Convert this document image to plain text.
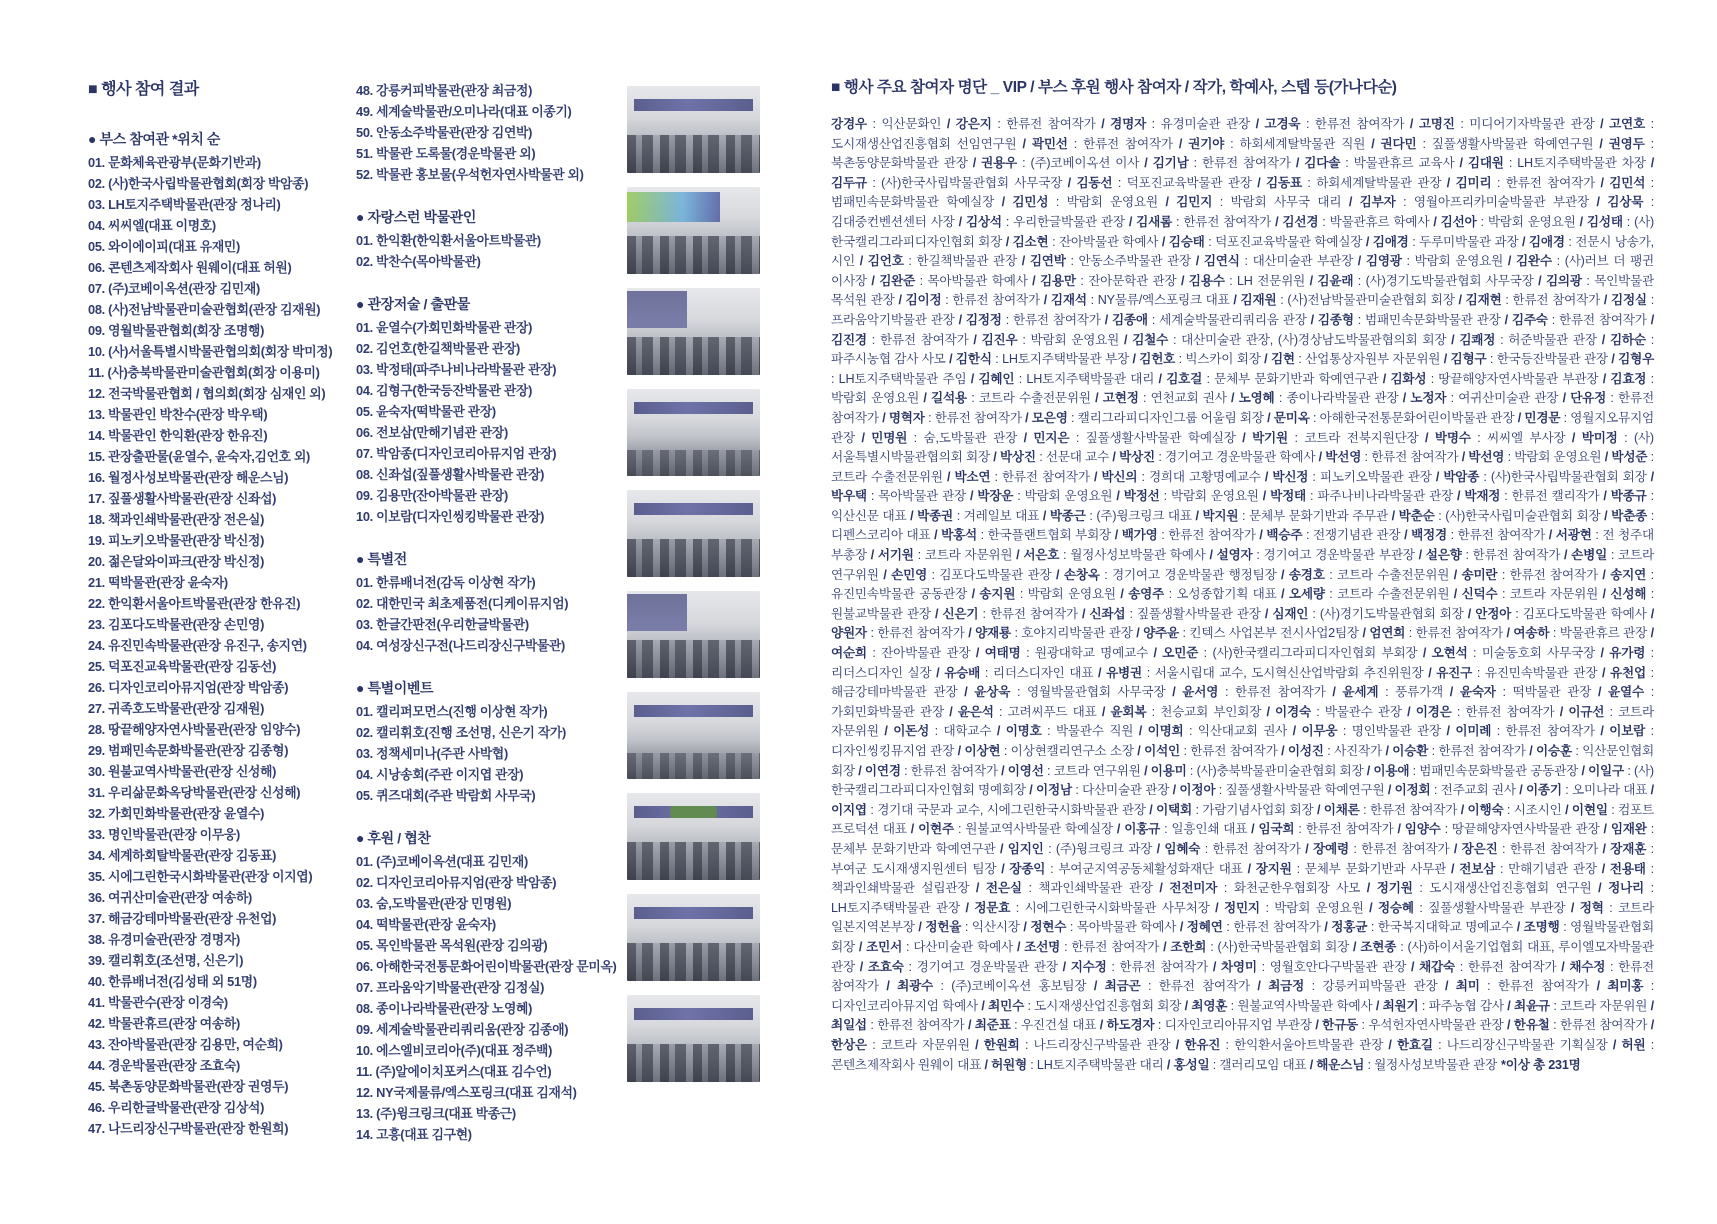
■ 행사 참여 결과
● 부스 참여관 *위치 순
01. 문화체육관광부(문화기반과)
02. (사)한국사립박물관협회(회장 박암종)
03. LH토지주택박물관(관장 정나리)
04. 씨씨엘(대표 이명호)
05. 와이에이피(대표 유재민)
06. 콘텐츠제작회사 원웨이(대표 허원)
07. (주)코베이옥션(관장 김민재)
08. (사)전남박물관미술관협회(관장 김재원)
09. 영월박물관협회(회장 조명행)
10. (사)서울특별시박물관협의회(회장 박미정)
11. (사)충북박물관미술관협회(회장 이용미)
12. 전국박물관협회 / 협의회(회장 심재인 외)
13. 박물관인 박찬수(관장 박우택)
14. 박물관인 한익환(관장 한유진)
15. 관장출판물(윤열수, 윤숙자,김언호 외)
16. 월정사성보박물관(관장 해운스님)
17. 짚풀생활사박물관(관장 신좌섭)
18. 책과인쇄박물관(관장 전은실)
19. 피노키오박물관(관장 박신정)
20. 젊은달와이파크(관장 박신정)
21. 떡박물관(관장 윤숙자)
22. 한익환서울아트박물관(관장 한유진)
23. 김포다도박물관(관장 손민영)
24. 유진민속박물관(관장 유진구, 송지연)
25. 덕포진교육박물관(관장 김동선)
26. 디자인코리아뮤지엄(관장 박암종)
27. 귀족호도박물관(관장 김재원)
28. 땅끝해양자연사박물관(관장 임양수)
29. 범패민속문화박물관(관장 김종형)
30. 원불교역사박물관(관장 신성해)
31. 우리삶문화옥당박물관(관장 신성해)
32. 가회민화박물관(관장 윤열수)
33. 명인박물관(관장 이무웅)
34. 세계하회탈박물관(관장 김동표)
35. 시에그린한국시화박물관(관장 이지엽)
36. 여귀산미술관(관장 여송하)
37. 해금강테마박물관(관장 유천업)
38. 유경미술관(관장 경명자)
39. 캘리휘호(조선명, 신은기)
40. 한류배너전(김성태 외 51명)
41. 박물관수(관장 이경숙)
42. 박물관휴르(관장 여송하)
43. 잔아박물관(관장 김용만, 여순희)
44. 경운박물관(관장 조효숙)
45. 북촌동양문화박물관(관장 권영두)
46. 우리한글박물관(관장 김상석)
47. 나드리장신구박물관(관장 한원희)
48. 강릉커피박물관(관장 최금정)
49. 세계술박물관/오미나라(대표 이종기)
50. 안동소주박물관(관장 김연박)
51. 박물관 도록물(경운박물관 외)
52. 박물관 홍보물(우석헌자연사박물관 외)
● 자랑스런 박물관인
01. 한익환(한익환서울아트박물관)
02. 박찬수(목아박물관)
● 관장저술 / 출판물
01. 윤열수(가회민화박물관 관장)
02. 김언호(한길책박물관 관장)
03. 박정태(파주나비나라박물관 관장)
04. 김형구(한국등잔박물관 관장)
05. 윤숙자(떡박물관 관장)
06. 전보삼(만해기념관 관장)
07. 박암종(디자인코리아뮤지엄 관장)
08. 신좌섭(짚풀생활사박물관 관장)
09. 김용만(잔아박물관 관장)
10. 이보람(디자인씽킹박물관 관장)
● 특별전
01. 한류배너전(감독 이상현 작가)
02. 대한민국 최초제품전(디케이뮤지엄)
03. 한글간판전(우리한글박물관)
04. 여성장신구전(나드리장신구박물관)
● 특별이벤트
01. 캘리퍼모먼스(진행 이상현 작가)
02. 캘리휘호(진행 조선명, 신은기 작가)
03. 정책세미나(주관 사박협)
04. 시낭송회(주관 이지엽 관장)
05. 퀴즈대회(주관 박람회 사무국)
● 후원 / 협찬
01. (주)코베이옥션(대표 김민재)
02. 디자인코리아뮤지엄(관장 박암종)
03. 숨,도박물관(관장 민명원)
04. 떡박물관(관장 윤숙자)
05. 목인박물관 목석원(관장 김의광)
06. 아해한국전통문화어린이박물관(관장 문미옥)
07. 프라움악기박물관(관장 김정실)
08. 종이나라박물관(관장 노영혜)
09. 세계술박물관리쿼리움(관장 김종애)
10. 에스엘비코리아(주)(대표 정주백)
11. (주)알에이치포커스(대표 김수언)
12. NY국제물류/엑스포링크(대표 김재석)
13. (주)윙크링크(대표 박종근)
14. 고흥(대표 김구현)
■ 행사 주요 참여자 명단 _ VIP / 부스 후원 행사 참여자 / 작가, 학예사, 스텝 등(가나다순)

강경우 : 익산문화인 / 강은지 : 한류전 참여작가 / 경명자 : 유경미술관 관장 / 고경욱 : 한류전 참여작가 / 고명진 : 미디어기자박물관 관장 / 고연호 : 도시재생산업진흥협회 선임연구원 / 곽민선 : 한류전 참여작가 / 권기야 : 하회세계탈박물관 직원 / 권다민 : 짚풀생활사박물관 학예연구원 / 권영두 : 북촌동양문화박물관 관장 / 권용우 : (주)코베이옥션 이사 / 김기남 : 한류전 참여작가 / 김다솔 : 박물관휴르 교육사 / 김대원 : LH토지주택박물관 차장 / 김두규 : (사)한국사립박물관협회 사무국장 / 김동선 : 덕포진교육박물관 관장 / 김동표 : 하회세계탈박물관 관장 / 김미리 : 한류전 참여작가 / 김민석 : 범패민속문화박물관 학예실장 / 김민성 : 박람회 운영요원 / 김민지 : 박람회 사무국 대리 / 김부자 : 영월아프리카미술박물관 부관장 / 김상묵 : 김대중컨벤션센터 사장 / 김상석 : 우리한글박물관 관장 / 김새롬 : 한류전 참여작가 / 김선경 : 박물관휴르 학예사 / 김선아 : 박람회 운영요원 / 김성태 : (사)한국캘리그라피디자인협회 회장 / 김소현 : 잔아박물관 학예사 / 김승태 : 덕포진교육박물관 학예실장 / 김애경 : 두루미박물관 과장 / 김애경 : 전문시 낭송가, 시인 / 김언호 : 한길책박물관 관장 / 김연박 : 안동소주박물관 관장 / 김연식 : 대산미술관 부관장 / 김영광 : 박람회 운영요원 / 김완수 : (사)러브 더 팽귄 이사장 / 김완준 : 목아박물관 학예사 / 김용만 : 잔아문학관 관장 / 김용수 : LH 전문위원 / 김윤래 : (사)경기도박물관협회 사무국장 / 김의광 : 목인박물관 목석원 관장 / 김이정 : 한류전 참여작가 / 김재석 : NY물류/엑스포링크 대표 / 김재원 : (사)전남박물관미술관협회 회장 / 김재현 : 한류전 참여작가 / 김정실 : 프라움악기박물관 관장 / 김정정 : 한류전 참여작가 / 김종애 : 세계술박물관리쿼리움 관장 / 김종형 : 범패민속문화박물관 관장 / 김주숙 : 한류전 참여작가 / 김진경 : 한류전 참여작가 / 김진우 : 박람회 운영요원 / 김철수 : 대산미술관 관장, (사)경상남도박물관협의회 회장 / 김쾌정 : 허준박물관 관장 / 김하순 : 파주시농협 감사 사모 / 김한식 : LH토지주택박물관 부장 / 김헌호 : 빅스카이 회장 / 김현 : 산업통상자원부 자문위원 / 김형구 : 한국등잔박물관 관장 / 김형우 : LH토지주택박물관 주임 / 김혜인 : LH토지주택박물관 대리 / 김호걸 : 문체부 문화기반과 학예연구관 / 김화성 : 땅끝해양자연사박물관 부관장 / 김효정 : 박람회 운영요원 / 길석용 : 코트라 수출전문위원 / 고현정 : 연천교회 권사 / 노영혜 : 종이나라박물관 관장 / 노정자 : 여귀산미술관 관장 / 단유정 : 한류전 참여작가 / 명혁자 : 한류전 참여작가 / 모은영 : 캘리그라피디자인그룹 어울림 회장 / 문미옥 : 아해한국전통문화어린이박물관 관장 / 민경문 : 영월지오뮤지엄 관장 / 민명원 : 숨,도박물관 관장 / 민지은 : 짚풀생활사박물관 학예실장 / 박기원 : 코트라 전북지원단장 / 박명수 : 씨씨엘 부사장 / 박미정 : (사)서울특별시박물관협의회 회장 / 박상진 : 선문대 교수 / 박상진 : 경기여고 경운박물관 학예사 / 박선영 : 한류전 참여작가 / 박선영 : 박람회 운영요원 / 박성준 : 코트라 수출전문위원 / 박소연 : 한류전 참여작가 / 박신의 : 경희대 고황명예교수 / 박신정 : 피노키오박물관 관장 / 박암종 : (사)한국사립박물관협회 회장 / 박우택 : 목아박물관 관장 / 박장운 : 박람회 운영요원 / 박정선 : 박람회 운영요원 / 박정태 : 파주나비나라박물관 관장 / 박재정 : 한류전 캘리작가 / 박종규 : 익산신문 대표 / 박종권 : 겨레일보 대표 / 박종근 : (주)윙크링크 대표 / 박지원 : 문체부 문화기반과 주무관 / 박춘순 : (사)한국사립미술관협회 회장 / 박춘종 : 디펜스코리아 대표 / 박홍석 : 한국플랜트협회 부회장 / 백가영 : 한류전 참여작가 / 백승주 : 전쟁기념관 관장 / 백정경 : 한류전 참여작가 / 서광현 : 전 청주대 부총장 / 서기원 : 코트라 자문위원 / 서은호 : 월정사성보박물관 학예사 / 설영자 : 경기여고 경운박물관 부관장 / 설은향 : 한류전 참여작가 / 손병일 : 코트라 연구위원 / 손민영 : 김포다도박물관 관장 / 손창옥 : 경기여고 경운박물관 행정팀장 / 송경호 : 코트라 수출전문위원 / 송미란 : 한류전 참여작가 / 송지연 : 유진민속박물관 공동관장 / 송지원 : 박람회 운영요원 / 송영주 : 오성종합기획 대표 / 오세량 : 코트라 수출전문위원 / 신덕수 : 코트라 자문위원 / 신성해 : 원불교박물관 관장 / 신은기 : 한류전 참여작가 / 신좌섭 : 짚풀생활사박물관 관장 / 심재인 : (사)경기도박물관협회 회장 / 안정아 : 김포다도박물관 학예사 / 양원자 : 한류전 참여작가 / 양재룡 : 호야지리박물관 관장 / 양주윤 : 킨텍스 사업본부 전시사업2팀장 / 엄연희 : 한류전 참여작가 / 여송하 : 박물관휴르 관장 / 여순희 : 잔아박물관 관장 / 여태명 : 원광대학교 명예교수 / 오민준 : (사)한국캘리그라피디자인협회 부회장 / 오현석 : 미술동호회 사무국장 / 유가령 : 리더스디자인 실장 / 유승배 : 리더스디자인 대표 / 유병권 : 서울시립대 교수, 도시혁신산업박람회 추진위원장 / 유진구 : 유진민속박물관 관장 / 유천업 : 해금강테마박물관 관장 / 윤상욱 : 영월박물관협회 사무국장 / 윤서영 : 한류전 참여작가 / 윤세계 : 풍류가객 / 윤숙자 : 떡박물관 관장 / 윤열수 : 가회민화박물관 관장 / 윤은석 : 고려씨푸드 대표 / 윤회복 : 천승교회 부인회장 / 이경숙 : 박물관수 관장 / 이경은 : 한류전 참여작가 / 이규선 : 코트라 자문위원 / 이돈성 : 대학교수 / 이명호 : 박물관수 직원 / 이명희 : 익산대교회 권사 / 이무웅 : 명인박물관 관장 / 이미례 : 한류전 참여작가 / 이보람 : 디자인씽킹뮤지엄 관장 / 이상현 : 이상현캘리연구소 소장 / 이석인 : 한류전 참여작가 / 이성진 : 사진작가 / 이승환 : 한류전 참여작가 / 이승훈 : 익산문인협회 회장 / 이연경 : 한류전 참여작가 / 이영선 : 코트라 연구위원 / 이용미 : (사)충북박물관미술관협회 회장 / 이용애 : 범패민속문화박물관 공동관장 / 이일구 : (사)한국캘리그라피디자인협회 명예회장 / 이정남 : 다산미술관 관장 / 이정아 : 짚풀생활사박물관 학예연구원 / 이정회 : 전주교회 권사 / 이종기 : 오미나라 대표 / 이지엽 : 경기대 국문과 교수, 시에그린한국시화박물관 관장 / 이택회 : 가람기념사업회 회장 / 이채론 : 한류전 참여작가 / 이행숙 : 시조시인 / 이현일 : 컴포트 프로덕션 대표 / 이현주 : 원불교역사박물관 학예실장 / 이홍규 : 일흥인쇄 대표 / 임국희 : 한류전 참여작가 / 임양수 : 땅끝해양자연사박물관 관장 / 임재완 : 문체부 문화기반과 학예연구관 / 임지인 : (주)윙크링크 과장 / 임혜숙 : 한류전 참여작가 / 장예령 : 한류전 참여작가 / 장은진 : 한류전 참여작가 / 장재훈 : 부여군 도시재생지원센터 팀장 / 장종익 : 부여군지역공동체활성화재단 대표 / 장지원 : 문체부 문화기반과 사무관 / 전보삼 : 만해기념관 관장 / 전용태 : 책과인쇄박물관 설립관장 / 전은실 : 책과인쇄박물관 관장 / 전전미자 : 화천군한우협회장 사모 / 정기원 : 도시재생산업진흥협회 연구원 / 정나리 : LH토지주택박물관 관장 / 정문효 : 시에그린한국시화박물관 사무처장 / 정민지 : 박람회 운영요원 / 정승혜 : 짚풀생활사박물관 부관장 / 정혁 : 코트라 일본지역본부장 / 정헌율 : 익산시장 / 정현수 : 목아박물관 학예사 / 정혜연 : 한류전 참여작가 / 정홍균 : 한국복지대학교 명예교수 / 조명행 : 영월박물관협회 회장 / 조민서 : 다산미술관 학예사 / 조선명 : 한류전 참여작가 / 조한희 : (사)한국박물관협회 회장 / 조현종 : (사)하이서울기업협회 대표, 루이엘모자박물관 관장 / 조효숙 : 경기여고 경운박물관 관장 / 지수정 : 한류전 참여작가 / 차영미 : 영월호안다구박물관 관장 / 채갑숙 : 한류전 참여작가 / 채수정 : 한류전 참여작가 / 최광수 : (주)코베이옥션 홍보팀장 / 최금곤 : 한류전 참여작가 / 최금정 : 강릉커피박물관 관장 / 최미 : 한류전 참여작가 / 최미홍 : 디자인코리아뮤지엄 학예사 / 최민수 : 도시재생산업진흥협회 회장 / 최영훈 : 원불교역사박물관 학예사 / 최원기 : 파주농협 감사 / 최윤규 : 코트라 자문위원 / 최일섭 : 한류전 참여작가 / 최준표 : 우진건설 대표 / 하도경자 : 디자인코리아뮤지엄 부관장 / 한규동 : 우석헌자연사박물관 관장 / 한유철 : 한류전 참여작가 / 한상은 : 코트라 자문위원 / 한원희 : 나드리장신구박물관 관장 / 한유진 : 한익환서울아트박물관 관장 / 한효길 : 나드리장신구박물관 기획실장 / 허원 : 콘텐츠제작회사 원웨이 대표 / 허원형 : LH토지주택박물관 대리 / 홍성일 : 갤러리모임 대표 / 해운스님 : 월정사성보박물관 관장 *이상 총 231명
